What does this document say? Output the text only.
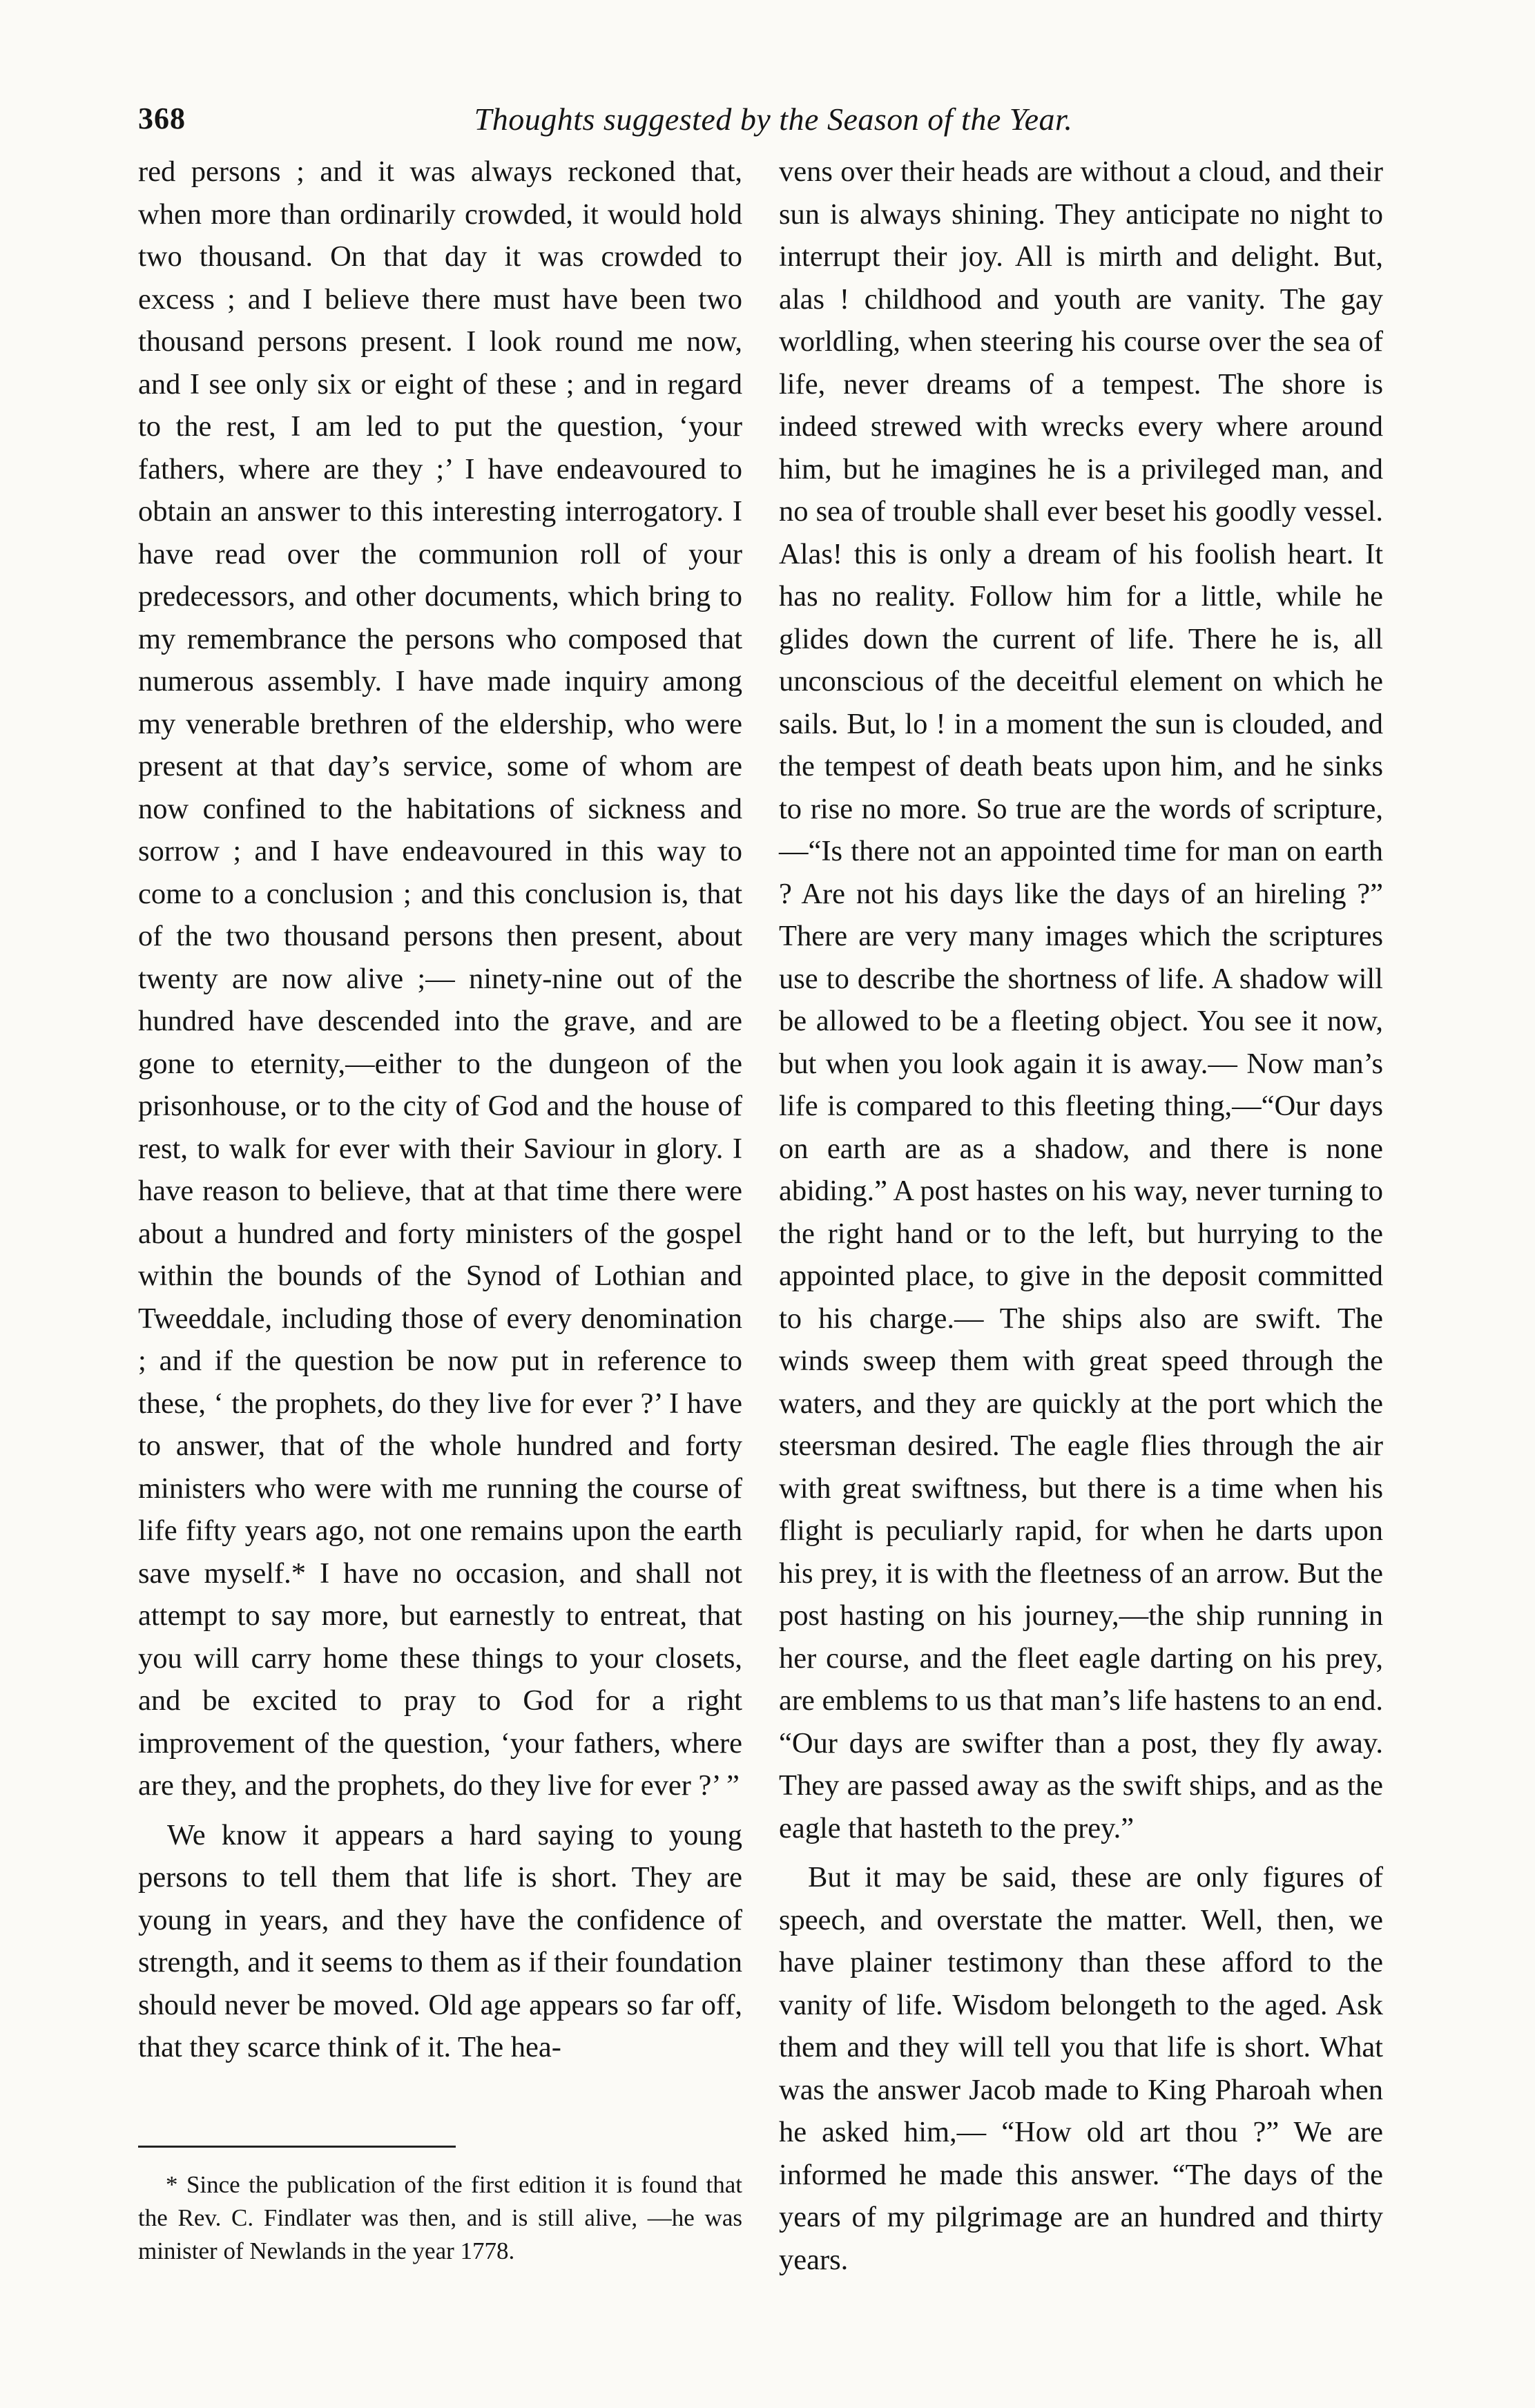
368	Thoughts suggested by the Season of the Year.

red persons ; and it was always reckoned that, when more than ordinarily crowded, it would hold two thousand. On that day it was crowded to excess ; and I believe there must have been two thousand persons present. I look round me now, and I see only six or eight of these ; and in regard to the rest, I am led to put the question, ‘your fathers, where are they ;’ I have endeavoured to obtain an answer to this interesting interrogatory. I have read over the communion roll of your predecessors, and other documents, which bring to my remembrance the persons who composed that numerous assembly. I have made inquiry among my venerable brethren of the eldership, who were present at that day’s service, some of whom are now confined to the habitations of sickness and sorrow ; and I have endeavoured in this way to come to a conclusion ; and this conclusion is, that of the two thousand persons then present, about twenty are now alive ;— ninety-nine out of the hundred have descended into the grave, and are gone to eternity,—either to the dungeon of the prisonhouse, or to the city of God and the house of rest, to walk for ever with their Saviour in glory. I have reason to believe, that at that time there were about a hundred and forty ministers of the gospel within the bounds of the Synod of Lothian and Tweeddale, including those of every denomination ; and if the question be now put in reference to these, ‘ the prophets, do they live for ever ?’ I have to answer, that of the whole hundred and forty ministers who were with me running the course of life fifty years ago, not one remains upon the earth save myself.* I have no occasion, and shall not attempt to say more, but earnestly to entreat, that you will carry home these things to your closets, and be excited to pray to God for a right improvement of the question, ‘your fathers, where are they, and the prophets, do they live for ever ?’ ”

We know it appears a hard saying to young persons to tell them that life is short. They are young in years, and they have the confidence of strength, and it seems to them as if their foundation should never be moved. Old age appears so far off, that they scarce think of it. The hea-

vens over their heads are without a cloud, and their sun is always shining. They anticipate no night to interrupt their joy. All is mirth and delight. But, alas ! childhood and youth are vanity. The gay worldling, when steering his course over the sea of life, never dreams of a tempest. The shore is indeed strewed with wrecks every where around him, but he imagines he is a privileged man, and no sea of trouble shall ever beset his goodly vessel. Alas! this is only a dream of his foolish heart. It has no reality. Follow him for a little, while he glides down the current of life. There he is, all unconscious of the deceitful element on which he sails. But, lo ! in a moment the sun is clouded, and the tempest of death beats upon him, and he sinks to rise no more. So true are the words of scripture,—“Is there not an appointed time for man on earth ? Are not his days like the days of an hireling ?” There are very many images which the scriptures use to describe the shortness of life. A shadow will be allowed to be a fleeting object. You see it now, but when you look again it is away.— Now man’s life is compared to this fleeting thing,—“Our days on earth are as a shadow, and there is none abiding.” A post hastes on his way, never turning to the right hand or to the left, but hurrying to the appointed place, to give in the deposit committed to his charge.— The ships also are swift. The winds sweep them with great speed through the waters, and they are quickly at the port which the steersman desired. The eagle flies through the air with great swiftness, but there is a time when his flight is peculiarly rapid, for when he darts upon his prey, it is with the fleetness of an arrow. But the post hasting on his journey,—the ship running in her course, and the fleet eagle darting on his prey, are emblems to us that man’s life hastens to an end. “Our days are swifter than a post, they fly away. They are passed away as the swift ships, and as the eagle that hasteth to the prey.”

But it may be said, these are only figures of speech, and overstate the matter. Well, then, we have plainer testimony than these afford to the vanity of life. Wisdom belongeth to the aged. Ask them and they will tell you that life is short. What was the answer Jacob made to King Pharoah when he asked him,— “How old art thou ?” We are informed he made this answer. “The days of the years of my pilgrimage are an hundred and thirty years.

* Since the publication of the first edition it is found that the Rev. C. Findlater was then, and is still alive, —he was minister of Newlands in the year 1778.
